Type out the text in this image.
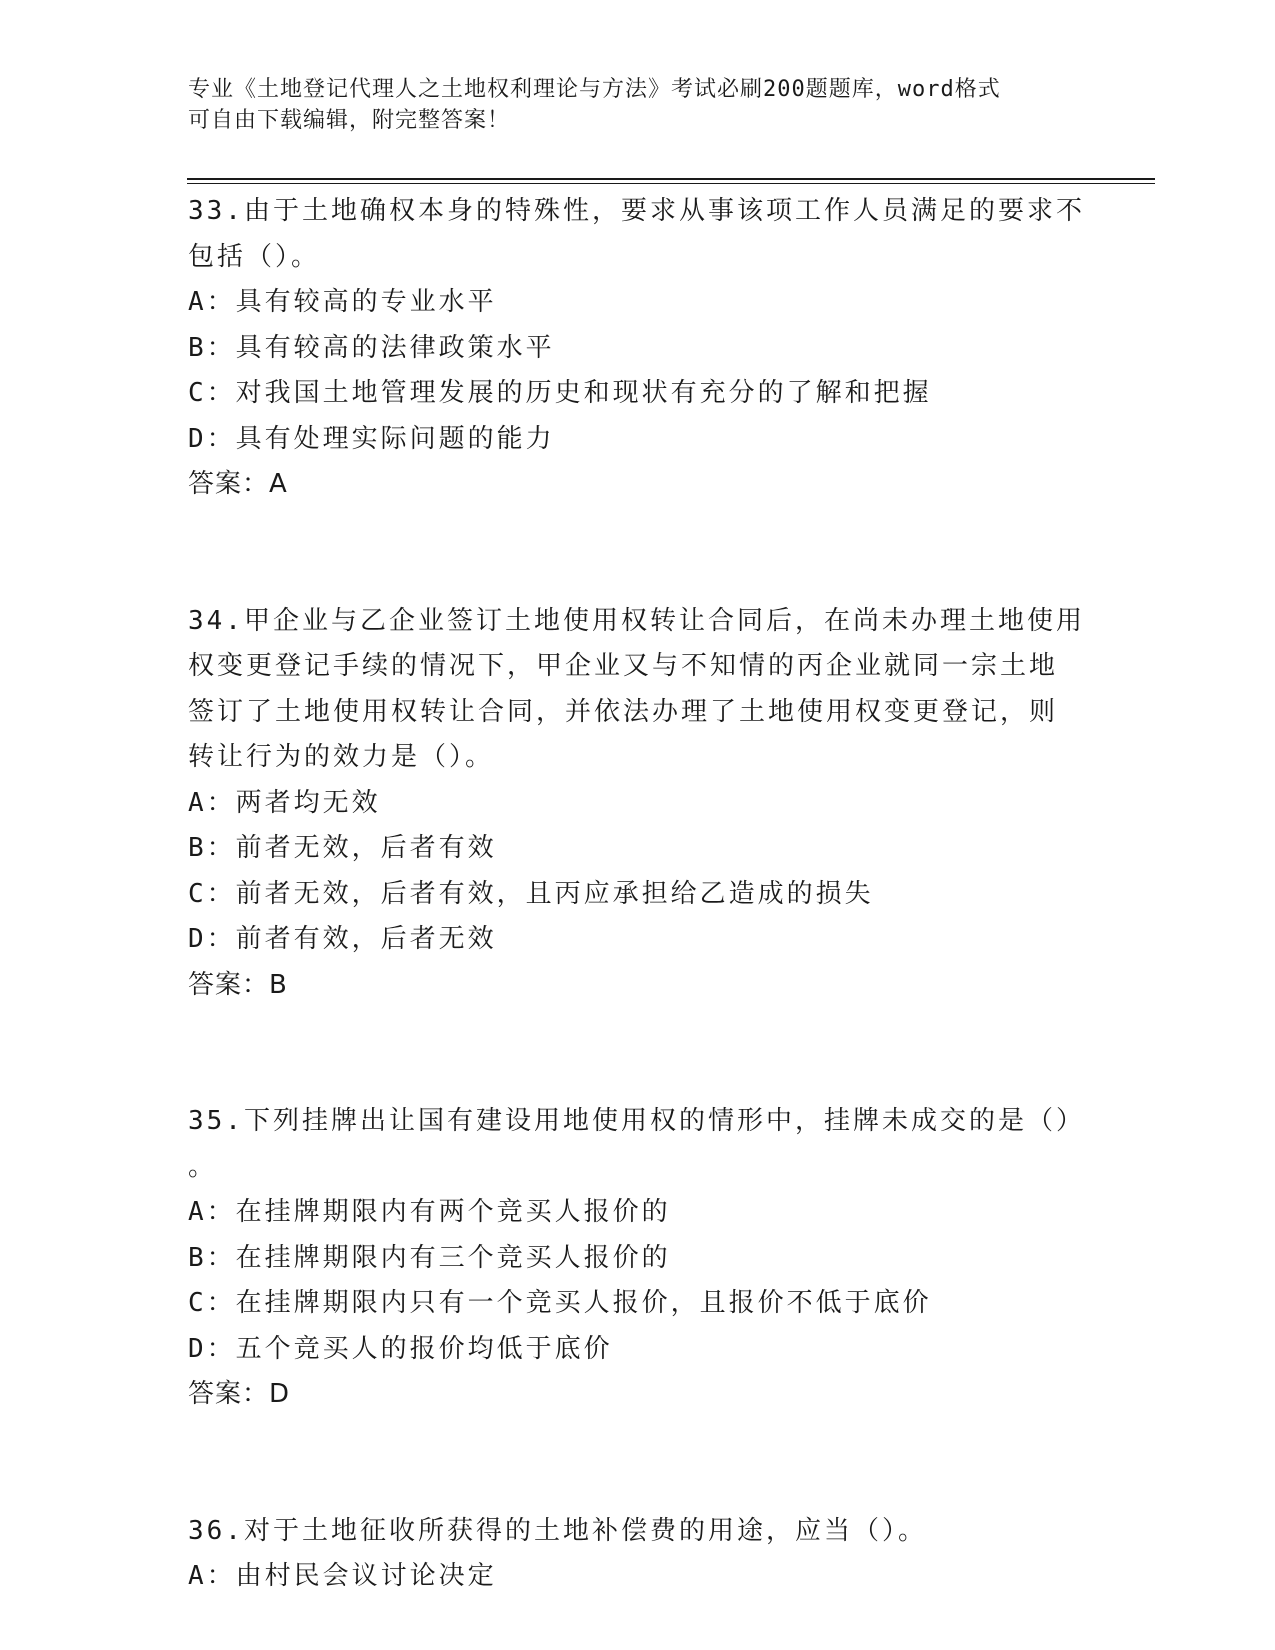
专业《土地登记代理人之土地权利理论与方法》考试必刷200题题库，word格式
可自由下载编辑，附完整答案！
33.由于土地确权本身的特殊性，要求从事该项工作人员满足的要求不
包括（）。
A：具有较高的专业水平
B：具有较高的法律政策水平
C：对我国土地管理发展的历史和现状有充分的了解和把握
D：具有处理实际问题的能力
答案：A
34.甲企业与乙企业签订土地使用权转让合同后，在尚未办理土地使用
权变更登记手续的情况下，甲企业又与不知情的丙企业就同一宗土地
签订了土地使用权转让合同，并依法办理了土地使用权变更登记，则
转让行为的效力是（）。
A：两者均无效
B：前者无效，后者有效
C：前者无效，后者有效，且丙应承担给乙造成的损失
D：前者有效，后者无效
答案：B
35.下列挂牌出让国有建设用地使用权的情形中，挂牌未成交的是（）
。
A：在挂牌期限内有两个竞买人报价的
B：在挂牌期限内有三个竞买人报价的
C：在挂牌期限内只有一个竞买人报价，且报价不低于底价
D：五个竞买人的报价均低于底价
答案：D
36.对于土地征收所获得的土地补偿费的用途，应当（）。
A：由村民会议讨论决定
